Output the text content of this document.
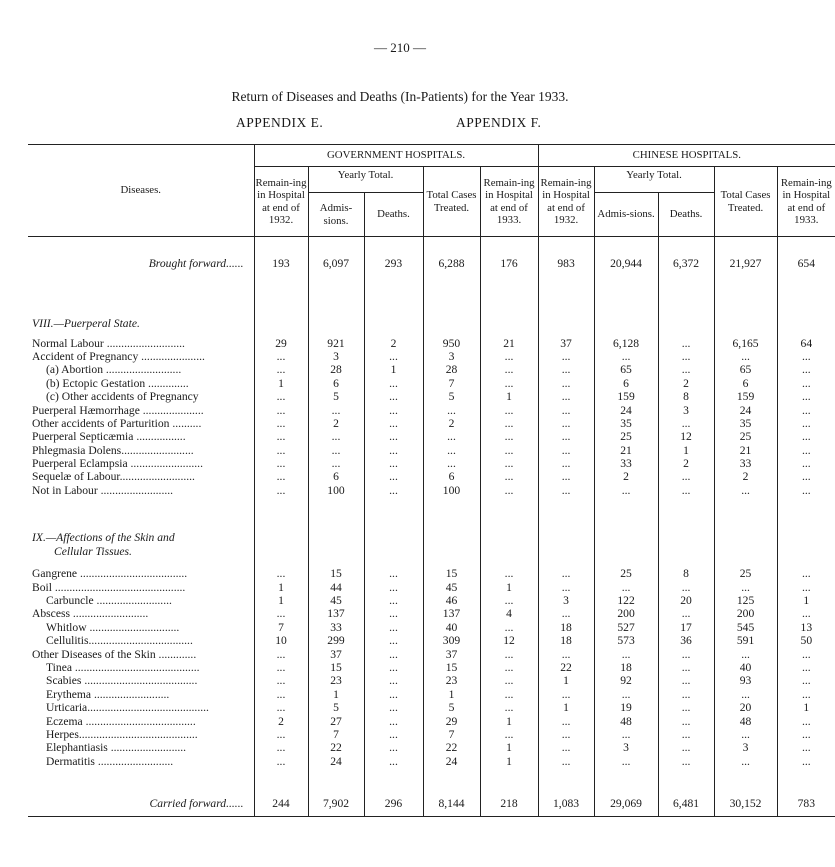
— 210 —
Return of Diseases and Deaths (In-Patients) for the Year 1933.
APPENDIX E.	APPENDIX F.
Diseases.	GOVERNMENT HOSPITALS.					CHINESE HOSPITALS.				
	Remain-ing in Hospital at end of 1932.	Yearly Total.		Total Cases Treated.	Remain-ing in Hospital at end of 1933.	Remain-ing in Hospital at end of 1932.	Yearly Total.		Total Cases Treated.	Remain-ing in Hospital at end of 1933.
		Admis-sions.	Deaths.				Admis-sions.	Deaths.		

Brought forward......	193	6,097	293	6,288	176	983	20,944	6,372	21,927	654

VIII.—Puerperal State.										

Normal Labour ...........................	29	921	2	950	21	37	6,128	...	6,165	64
Accident of Pregnancy ......................	...	3	...	3	...	...	...	...	...	...
(a) Abortion ..........................	...	28	1	28	...	...	65	...	65	...
(b) Ectopic Gestation ..............	1	6	...	7	...	...	6	2	6	...
(c) Other accidents of Pregnancy	...	5	...	5	1	...	159	8	159	...
Puerperal Hæmorrhage .....................	...	...	...	...	...	...	24	3	24	...
Other accidents of Parturition ..........	...	2	...	2	...	...	35	...	35	...
Puerperal Septicæmia .................	...	...	...	...	...	...	25	12	25	...
Phlegmasia Dolens.........................	...	...	...	...	...	...	21	1	21	...
Puerperal Eclampsia .........................	...	...	...	...	...	...	33	2	33	...
Sequelæ of Labour..........................	...	6	...	6	...	...	2	...	2	...
Not in Labour .........................	...	100	...	100	...	...	...	...	...	...

IX.—Affections of the Skin and
Cellular Tissues.										

Gangrene .....................................	...	15	...	15	...	...	25	8	25	...
Boil .............................................	1	44	...	45	1	...	...	...	...	...
Carbuncle ..........................	1	45	...	46	...	3	122	20	125	1
Abscess ..........................	...	137	...	137	4	...	200	...	200	...
Whitlow ...............................	7	33	...	40	...	18	527	17	545	13
Cellulitis....................................	10	299	...	309	12	18	573	36	591	50
Other Diseases of the Skin .............	...	37	...	37	...	...	...	...	...	...
Tinea ...........................................	...	15	...	15	...	22	18	...	40	...
Scabies .......................................	...	23	...	23	...	1	92	...	93	...
Erythema ..........................	...	1	...	1	...	...	...	...	...	...
Urticaria..........................................	...	5	...	5	...	1	19	...	20	1
Eczema ......................................	2	27	...	29	1	...	48	...	48	...
Herpes.........................................	...	7	...	7	...	...	...	...	...	...
Elephantiasis ..........................	...	22	...	22	1	...	3	...	3	...
Dermatitis ..........................	...	24	...	24	1	...	...	...	...	...

Carried forward......	244	7,902	296	8,144	218	1,083	29,069	6,481	30,152	783
